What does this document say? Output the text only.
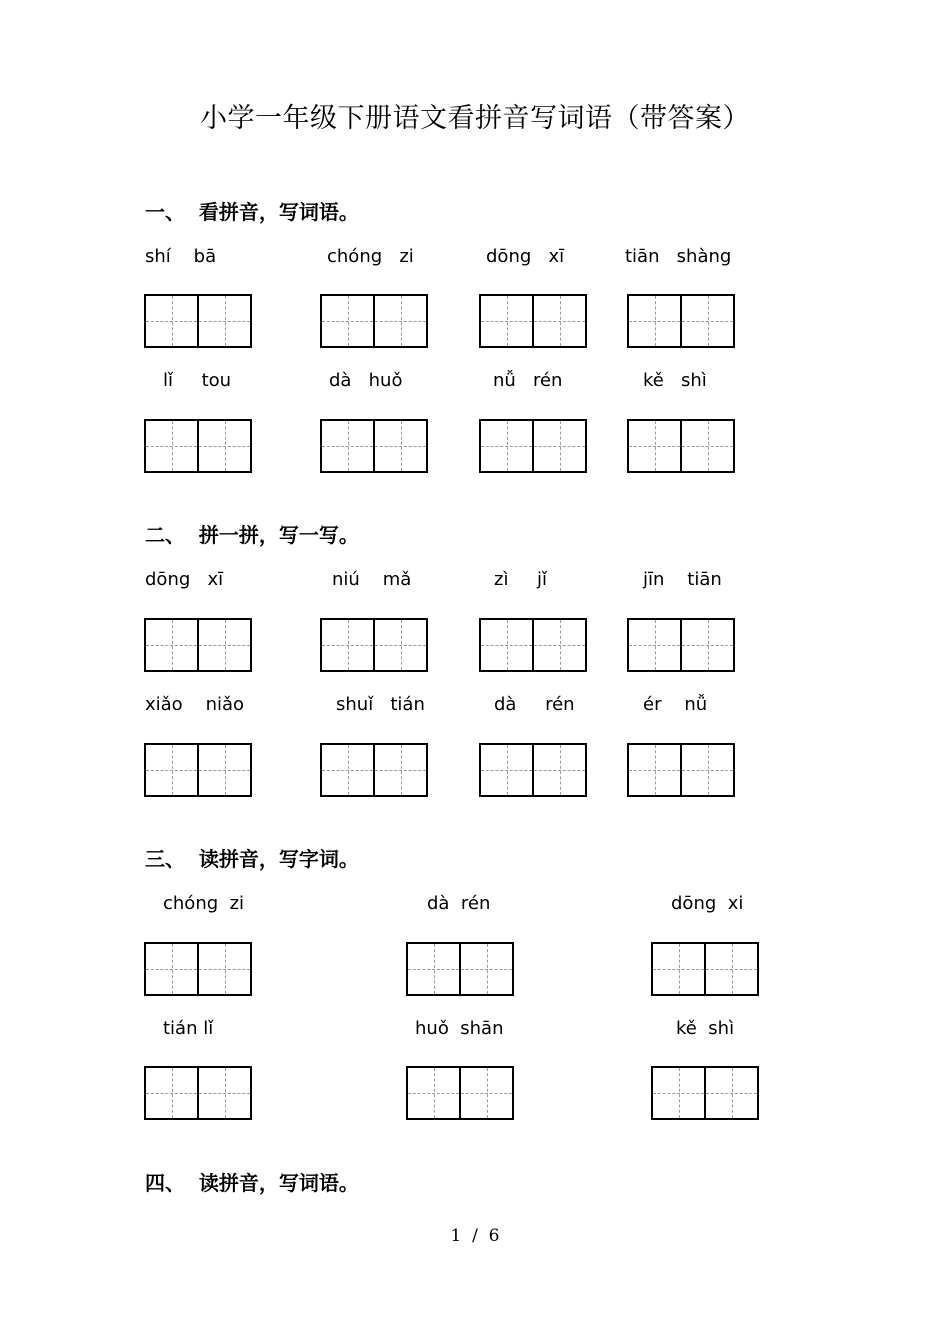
小学一年级下册语文看拼音写词语（带答案）
一、  看拼音，写词语。
shí    bā	chóng   zi	dōng   xī	tiān   shàng
lǐ     tou	dà   huǒ	nǚ   rén	kě   shì
二、  拼一拼，写一写。
dōng   xī	niú    mǎ	zì     jǐ	jīn    tiān
xiǎo    niǎo	shuǐ   tián	dà     rén	ér    nǚ
三、  读拼音，写字词。
chóng  zi	dà  rén	dōng  xi
tián lǐ	huǒ  shān	kě  shì
四、  读拼音，写词语。
1  /  6
